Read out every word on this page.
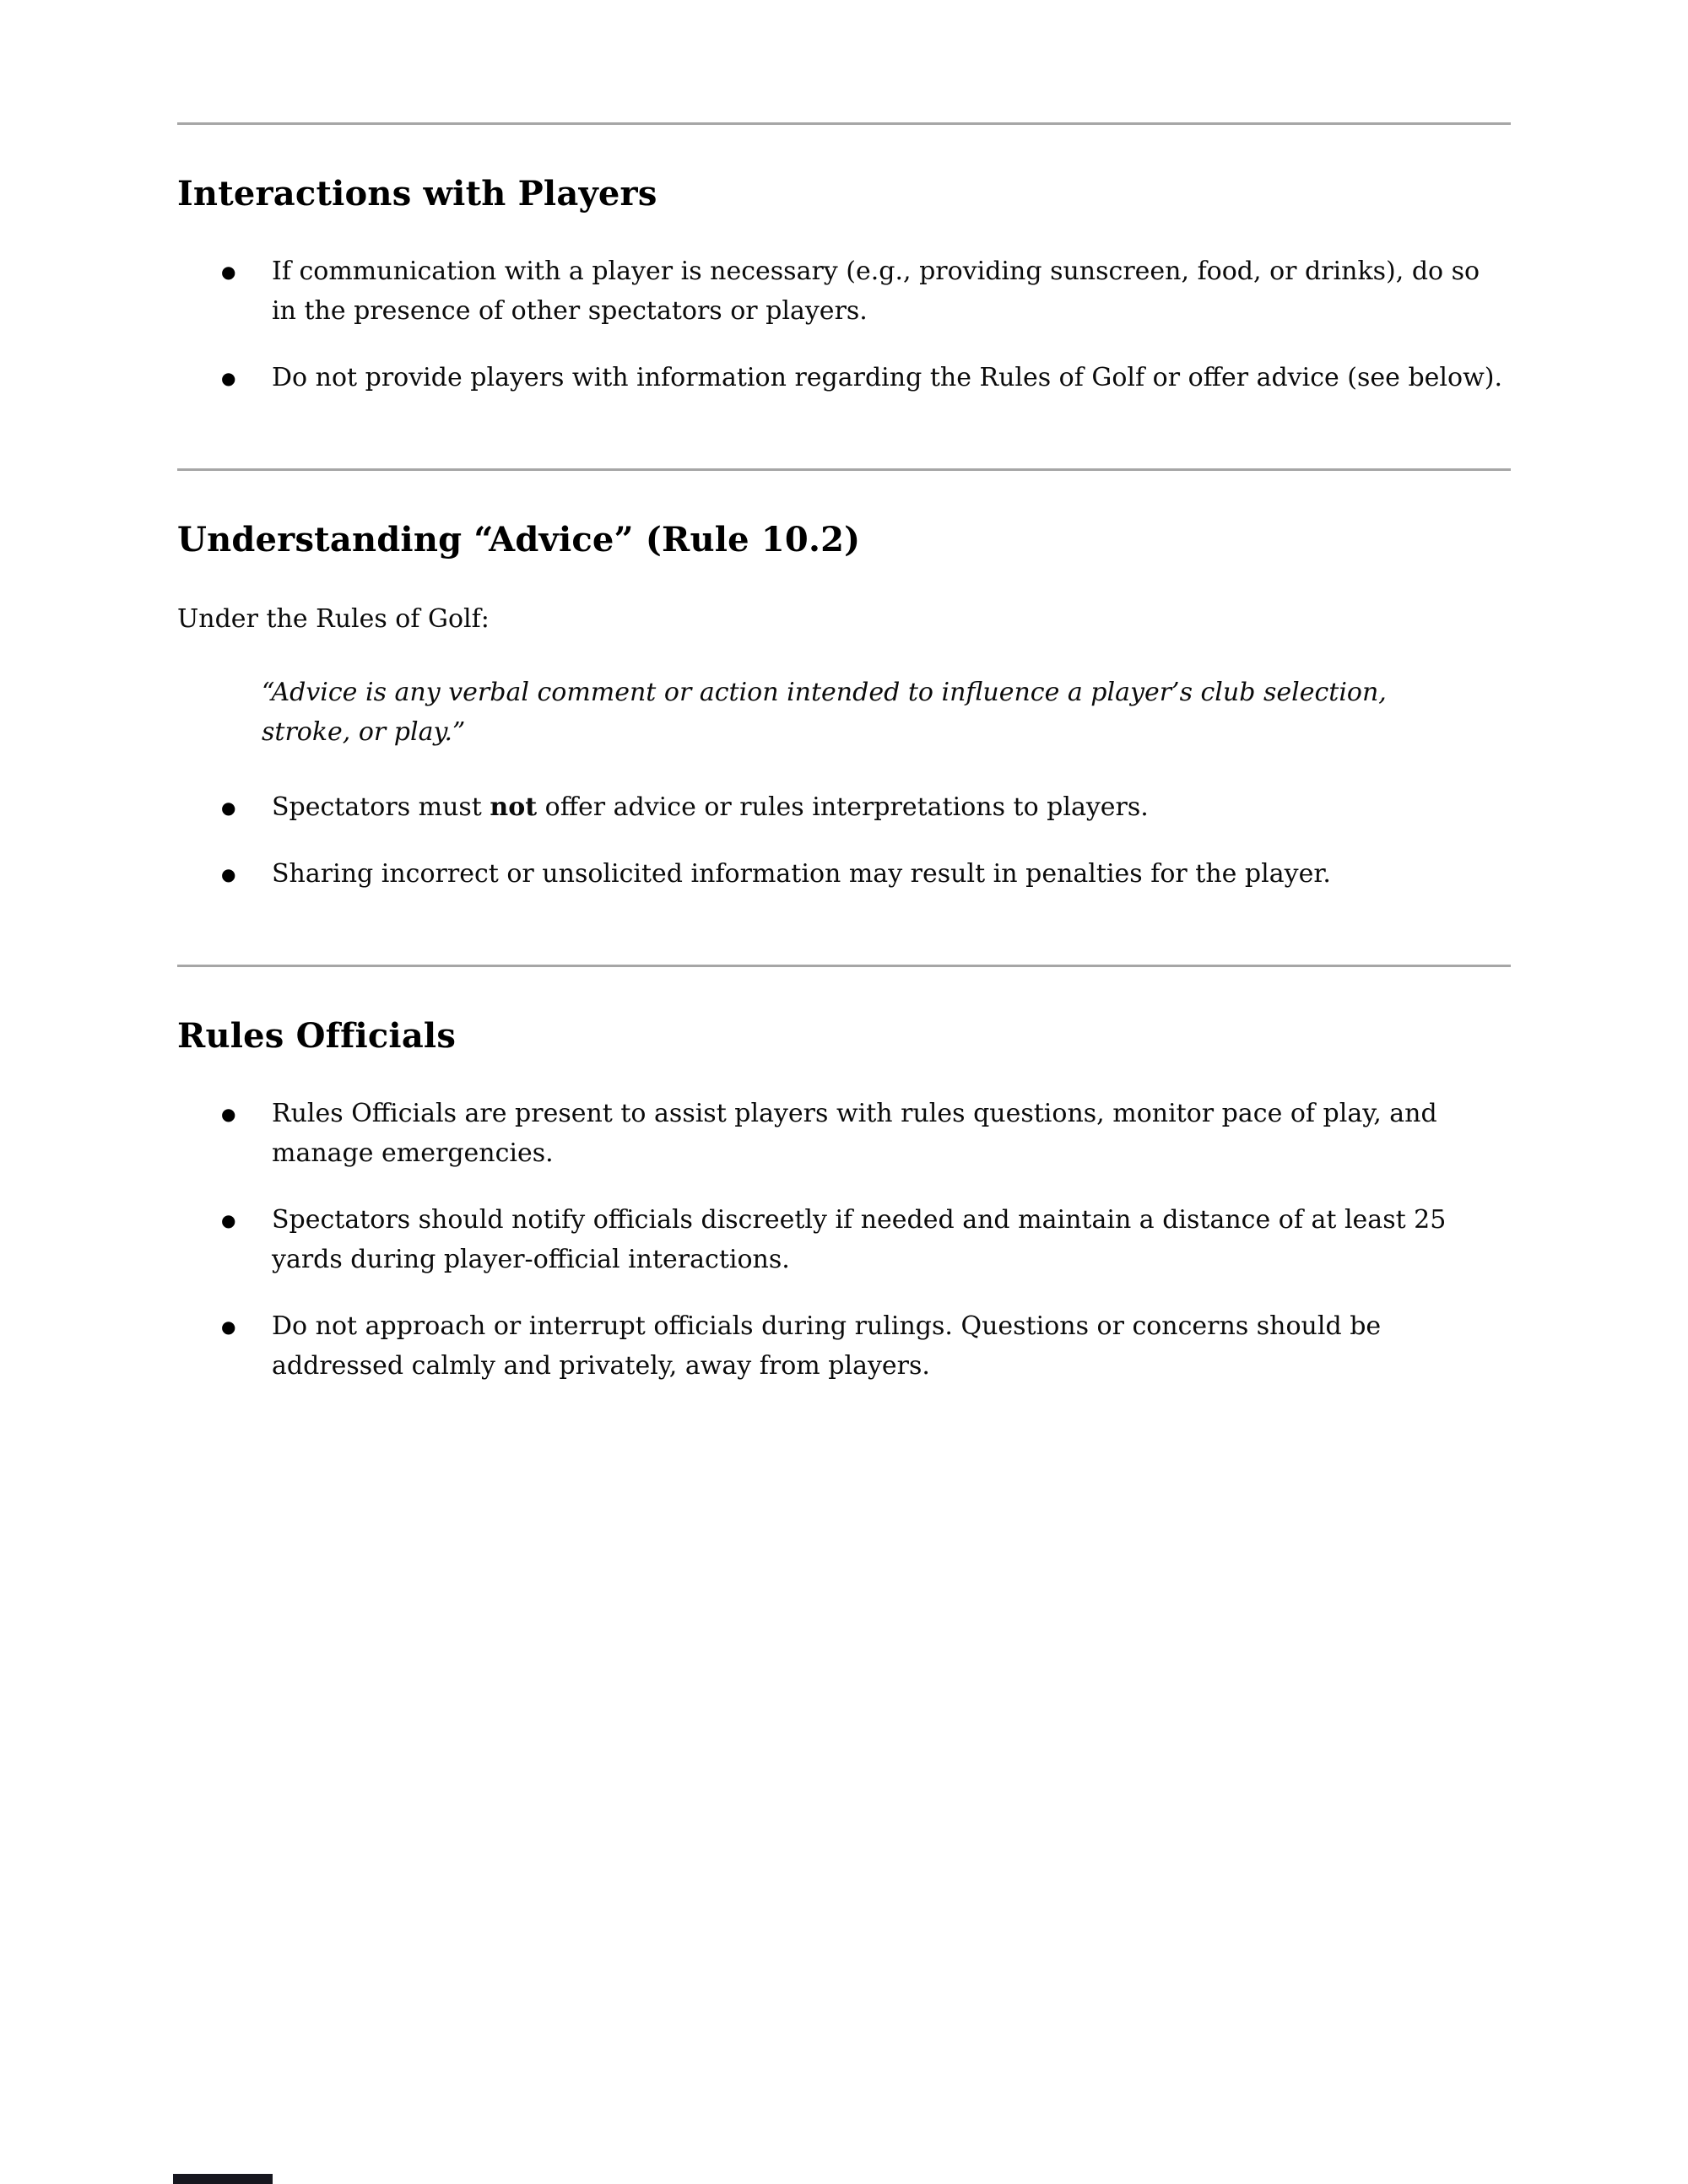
Interactions with Players
● If communication with a player is necessary (e.g., providing sunscreen, food, or drinks), do so in the presence of other spectators or players.
● Do not provide players with information regarding the Rules of Golf or offer advice (see below).
Understanding “Advice” (Rule 10.2)

Under the Rules of Golf:

“Advice is any verbal comment or action intended to influence a player’s club selection,
stroke, or play.”

● Spectators must not offer advice or rules interpretations to players.
● Sharing incorrect or unsolicited information may result in penalties for the player.
Rules Officials
● Rules Officials are present to assist players with rules questions, monitor pace of play, and manage emergencies.
● Spectators should notify officials discreetly if needed and maintain a distance of at least 25 yards during player-official interactions.
● Do not approach or interrupt officials during rulings. Questions or concerns should be addressed calmly and privately, away from players.
